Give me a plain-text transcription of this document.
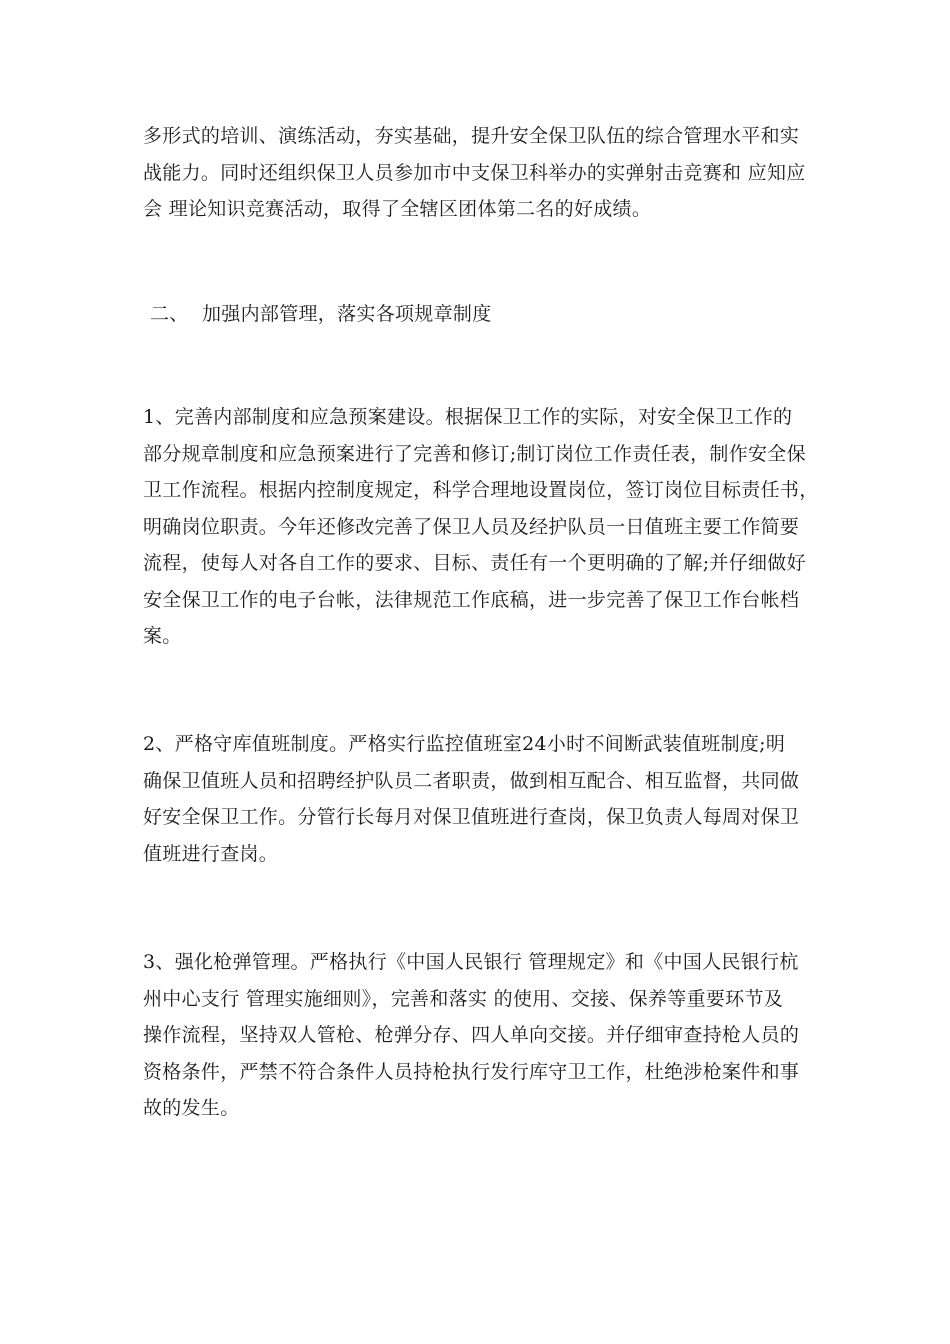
多形式的培训、演练活动，夯实基础，提升安全保卫队伍的综合管理水平和实
战能力。同时还组织保卫人员参加市中支保卫科举办的实弹射击竞赛和 应知应
会 理论知识竞赛活动，取得了全辖区团体第二名的好成绩。
二、 加强内部管理，落实各项规章制度
1、完善内部制度和应急预案建设。根据保卫工作的实际，对安全保卫工作的
部分规章制度和应急预案进行了完善和修订;制订岗位工作责任表，制作安全保
卫工作流程。根据内控制度规定，科学合理地设置岗位，签订岗位目标责任书，
明确岗位职责。今年还修改完善了保卫人员及经护队员一日值班主要工作简要
流程，使每人对各自工作的要求、目标、责任有一个更明确的了解;并仔细做好
安全保卫工作的电子台帐，法律规范工作底稿，进一步完善了保卫工作台帐档
案。
2、严格守库值班制度。严格实行监控值班室24小时不间断武装值班制度;明
确保卫值班人员和招聘经护队员二者职责，做到相互配合、相互监督，共同做
好安全保卫工作。分管行长每月对保卫值班进行查岗，保卫负责人每周对保卫
值班进行查岗。
3、强化枪弹管理。严格执行《中国人民银行 管理规定》和《中国人民银行杭
州中心支行 管理实施细则》，完善和落实 的使用、交接、保养等重要环节及
操作流程，坚持双人管枪、枪弹分存、四人单向交接。并仔细审查持枪人员的
资格条件，严禁不符合条件人员持枪执行发行库守卫工作，杜绝涉枪案件和事
故的发生。
